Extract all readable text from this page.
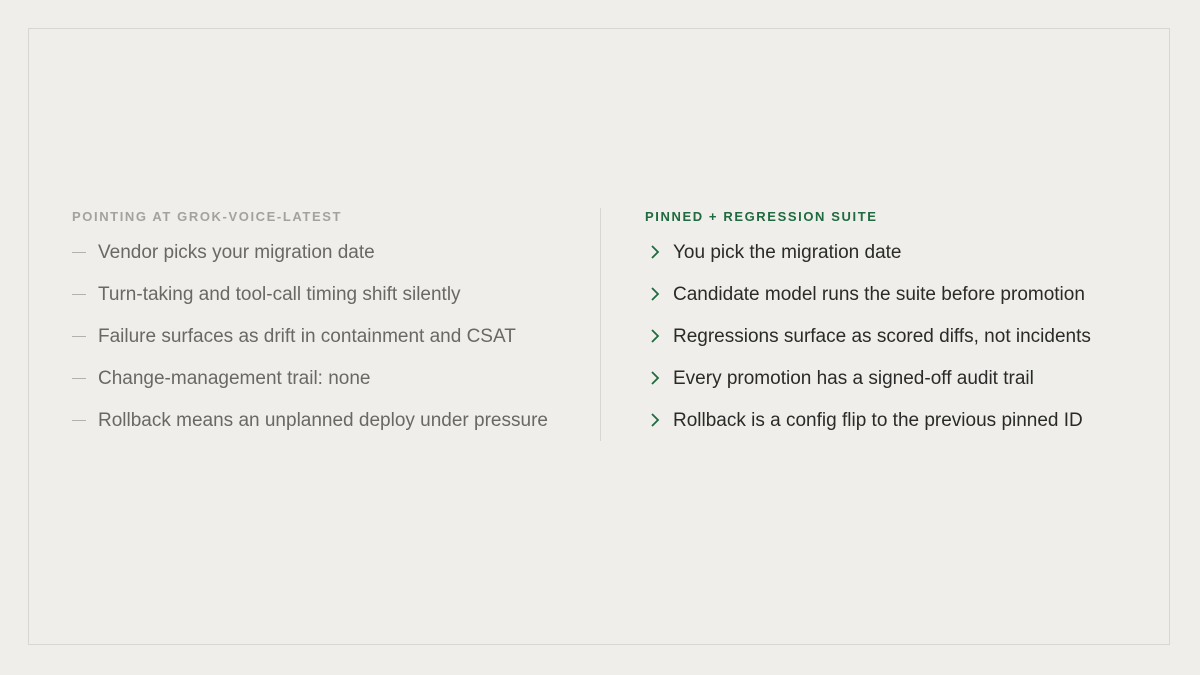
POINTING AT GROK-VOICE-LATEST
Vendor picks your migration date
Turn-taking and tool-call timing shift silently
Failure surfaces as drift in containment and CSAT
Change-management trail: none
Rollback means an unplanned deploy under pressure
PINNED + REGRESSION SUITE
You pick the migration date
Candidate model runs the suite before promotion
Regressions surface as scored diffs, not incidents
Every promotion has a signed-off audit trail
Rollback is a config flip to the previous pinned ID
